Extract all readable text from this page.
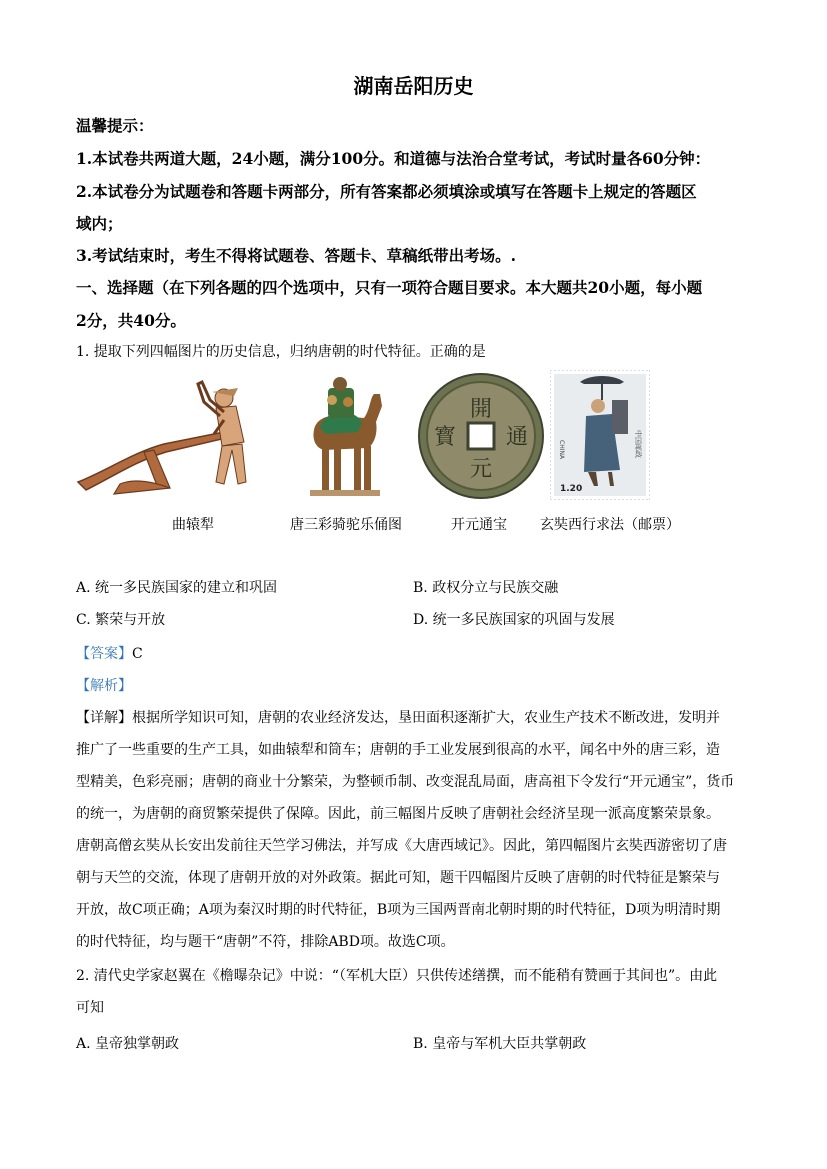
湖南岳阳历史
温馨提示：
1.本试卷共两道大题，24小题，满分100分。和道德与法治合堂考试，考试时量各60分钟：
2.本试卷分为试题卷和答题卡两部分，所有答案都必须填涂或填写在答题卡上规定的答题区
域内；
3.考试结束时，考生不得将试题卷、答题卡、草稿纸带出考场。.
一、选择题（在下列各题的四个选项中，只有一项符合题目要求。本大题共20小题，每小题
2分，共40分。
1. 提取下列四幅图片的历史信息，归纳唐朝的时代特征。正确的是
開
元
通
寳
1.20
中国邮政
CHINA
曲辕犁	唐三彩骑驼乐俑图	开元通宝 玄奘西行求法（邮票）
A. 统一多民族国家的建立和巩固	B. 政权分立与民族交融
C. 繁荣与开放	D. 统一多民族国家的巩固与发展
【答案】C
【解析】
【详解】根据所学知识可知，唐朝的农业经济发达，垦田面积逐渐扩大，农业生产技术不断改进，发明并
推广了一些重要的生产工具，如曲辕犁和筒车；唐朝的手工业发展到很高的水平，闻名中外的唐三彩，造
型精美，色彩亮丽；唐朝的商业十分繁荣，为整顿币制、改变混乱局面，唐高祖下令发行“开元通宝”，货币
的统一，为唐朝的商贸繁荣提供了保障。因此，前三幅图片反映了唐朝社会经济呈现一派高度繁荣景象。
唐朝高僧玄奘从长安出发前往天竺学习佛法，并写成《大唐西域记》。因此，第四幅图片玄奘西游密切了唐
朝与天竺的交流，体现了唐朝开放的对外政策。据此可知，题干四幅图片反映了唐朝的时代特征是繁荣与
开放，故C项正确；A项为秦汉时期的时代特征，B项为三国两晋南北朝时期的时代特征，D项为明清时期
的时代特征，均与题干“唐朝”不符，排除ABD项。故选C项。
2. 清代史学家赵翼在《檐曝杂记》中说：“（军机大臣）只供传述缮撰，而不能稍有赞画于其间也”。由此
可知
A. 皇帝独掌朝政	B. 皇帝与军机大臣共掌朝政
